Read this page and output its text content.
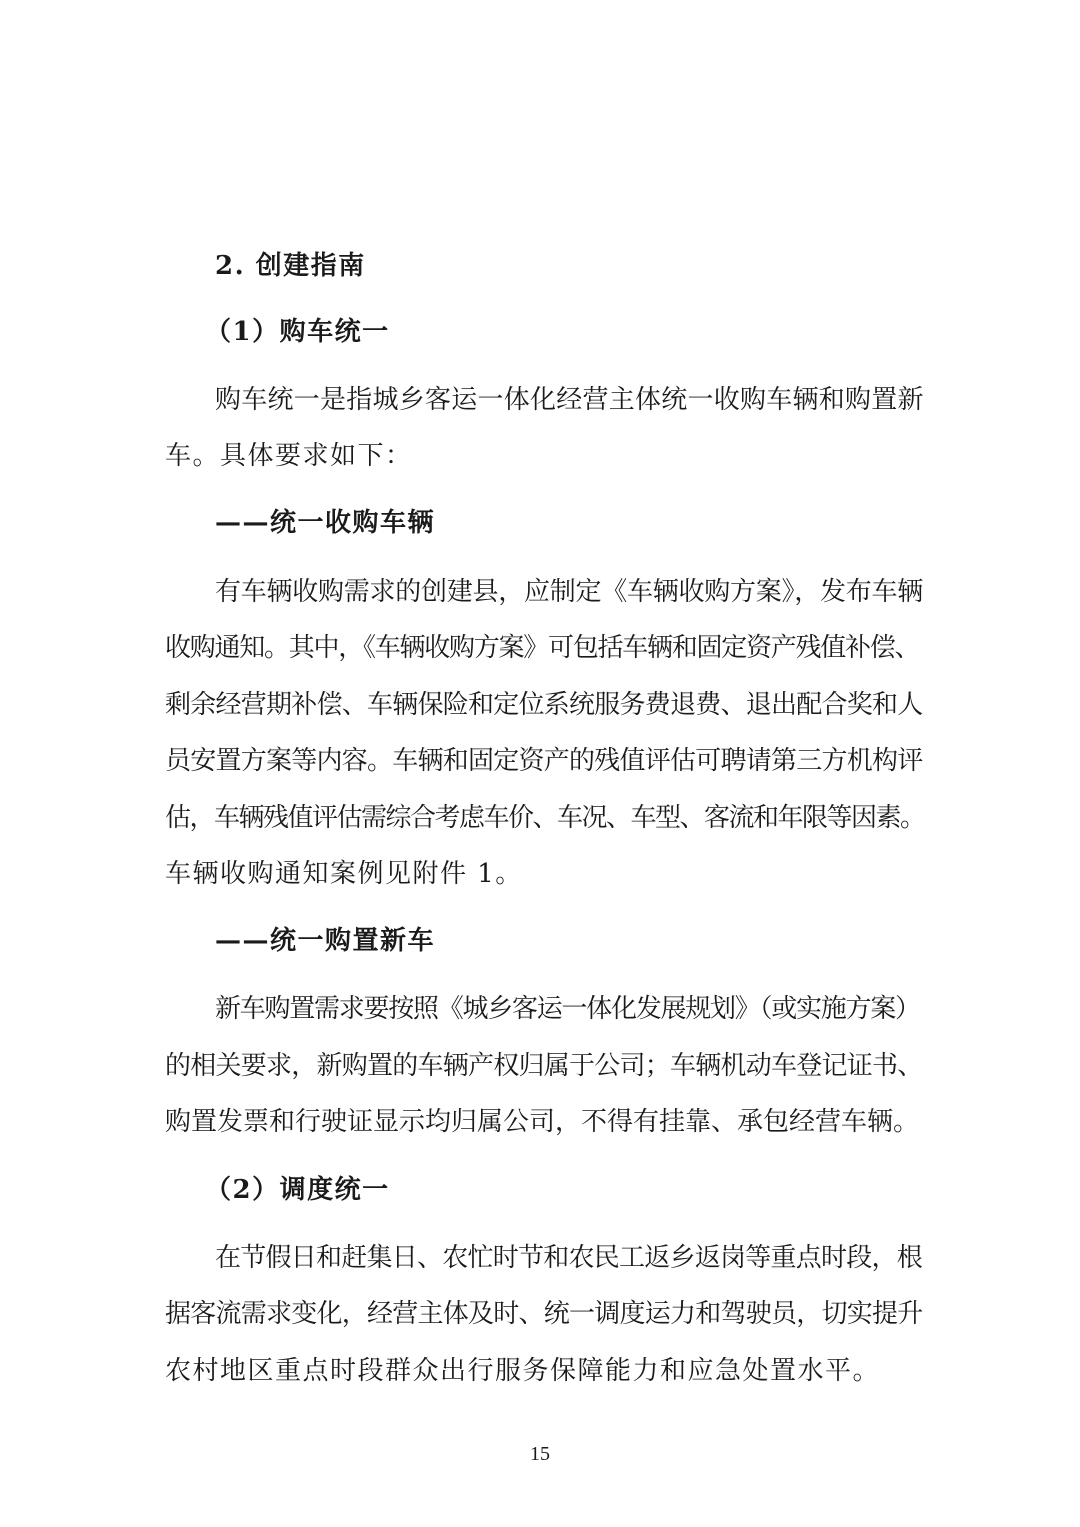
2. 创建指南
（1）购车统一
购车统一是指城乡客运一体化经营主体统一收购车辆和购置新
车。具体要求如下：
——统一收购车辆
有车辆收购需求的创建县，应制定《车辆收购方案》，发布车辆
收购通知。其中，《车辆收购方案》可包括车辆和固定资产残值补偿、
剩余经营期补偿、车辆保险和定位系统服务费退费、退出配合奖和人
员安置方案等内容。车辆和固定资产的残值评估可聘请第三方机构评
估，车辆残值评估需综合考虑车价、车况、车型、客流和年限等因素。
车辆收购通知案例见附件 1。
——统一购置新车
新车购置需求要按照《城乡客运一体化发展规划》（或实施方案）
的相关要求，新购置的车辆产权归属于公司；车辆机动车登记证书、
购置发票和行驶证显示均归属公司，不得有挂靠、承包经营车辆。
（2）调度统一
在节假日和赶集日、农忙时节和农民工返乡返岗等重点时段，根
据客流需求变化，经营主体及时、统一调度运力和驾驶员，切实提升
农村地区重点时段群众出行服务保障能力和应急处置水平。
15
